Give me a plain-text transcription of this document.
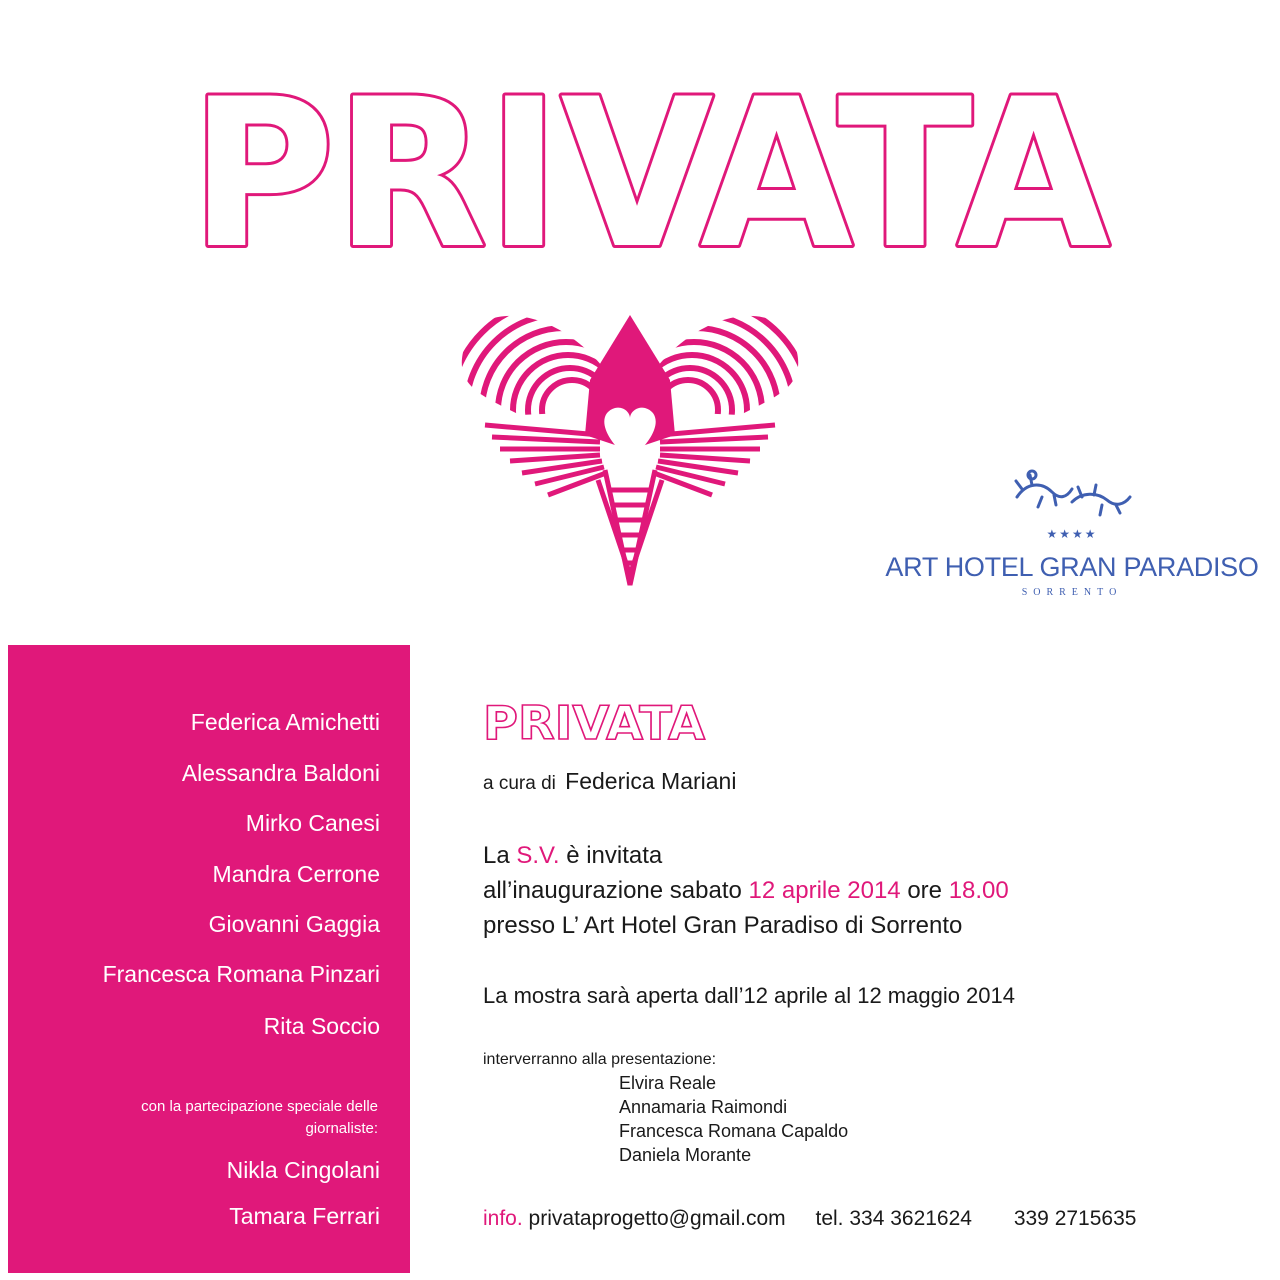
PRIVATA
★★★★
ART HOTEL GRAN PARADISO
SORRENTO
Federica Amichetti
Alessandra Baldoni
Mirko Canesi
Mandra Cerrone
Giovanni Gaggia
Francesca Romana Pinzari
Rita Soccio
con la partecipazione speciale delle
giornaliste:
Nikla Cingolani
Tamara Ferrari
PRIVATA
a cura di Federica Mariani
La S.V. è invitata
all’inaugurazione sabato 12 aprile 2014 ore 18.00
presso L’ Art Hotel Gran Paradiso di Sorrento
La mostra sarà aperta dall’12 aprile al 12 maggio 2014
interverranno alla presentazione:
Elvira Reale
Annamaria Raimondi
Francesca Romana Capaldo
Daniela Morante
info. privataprogetto@gmail.com tel. 334 3621624 339 2715635
